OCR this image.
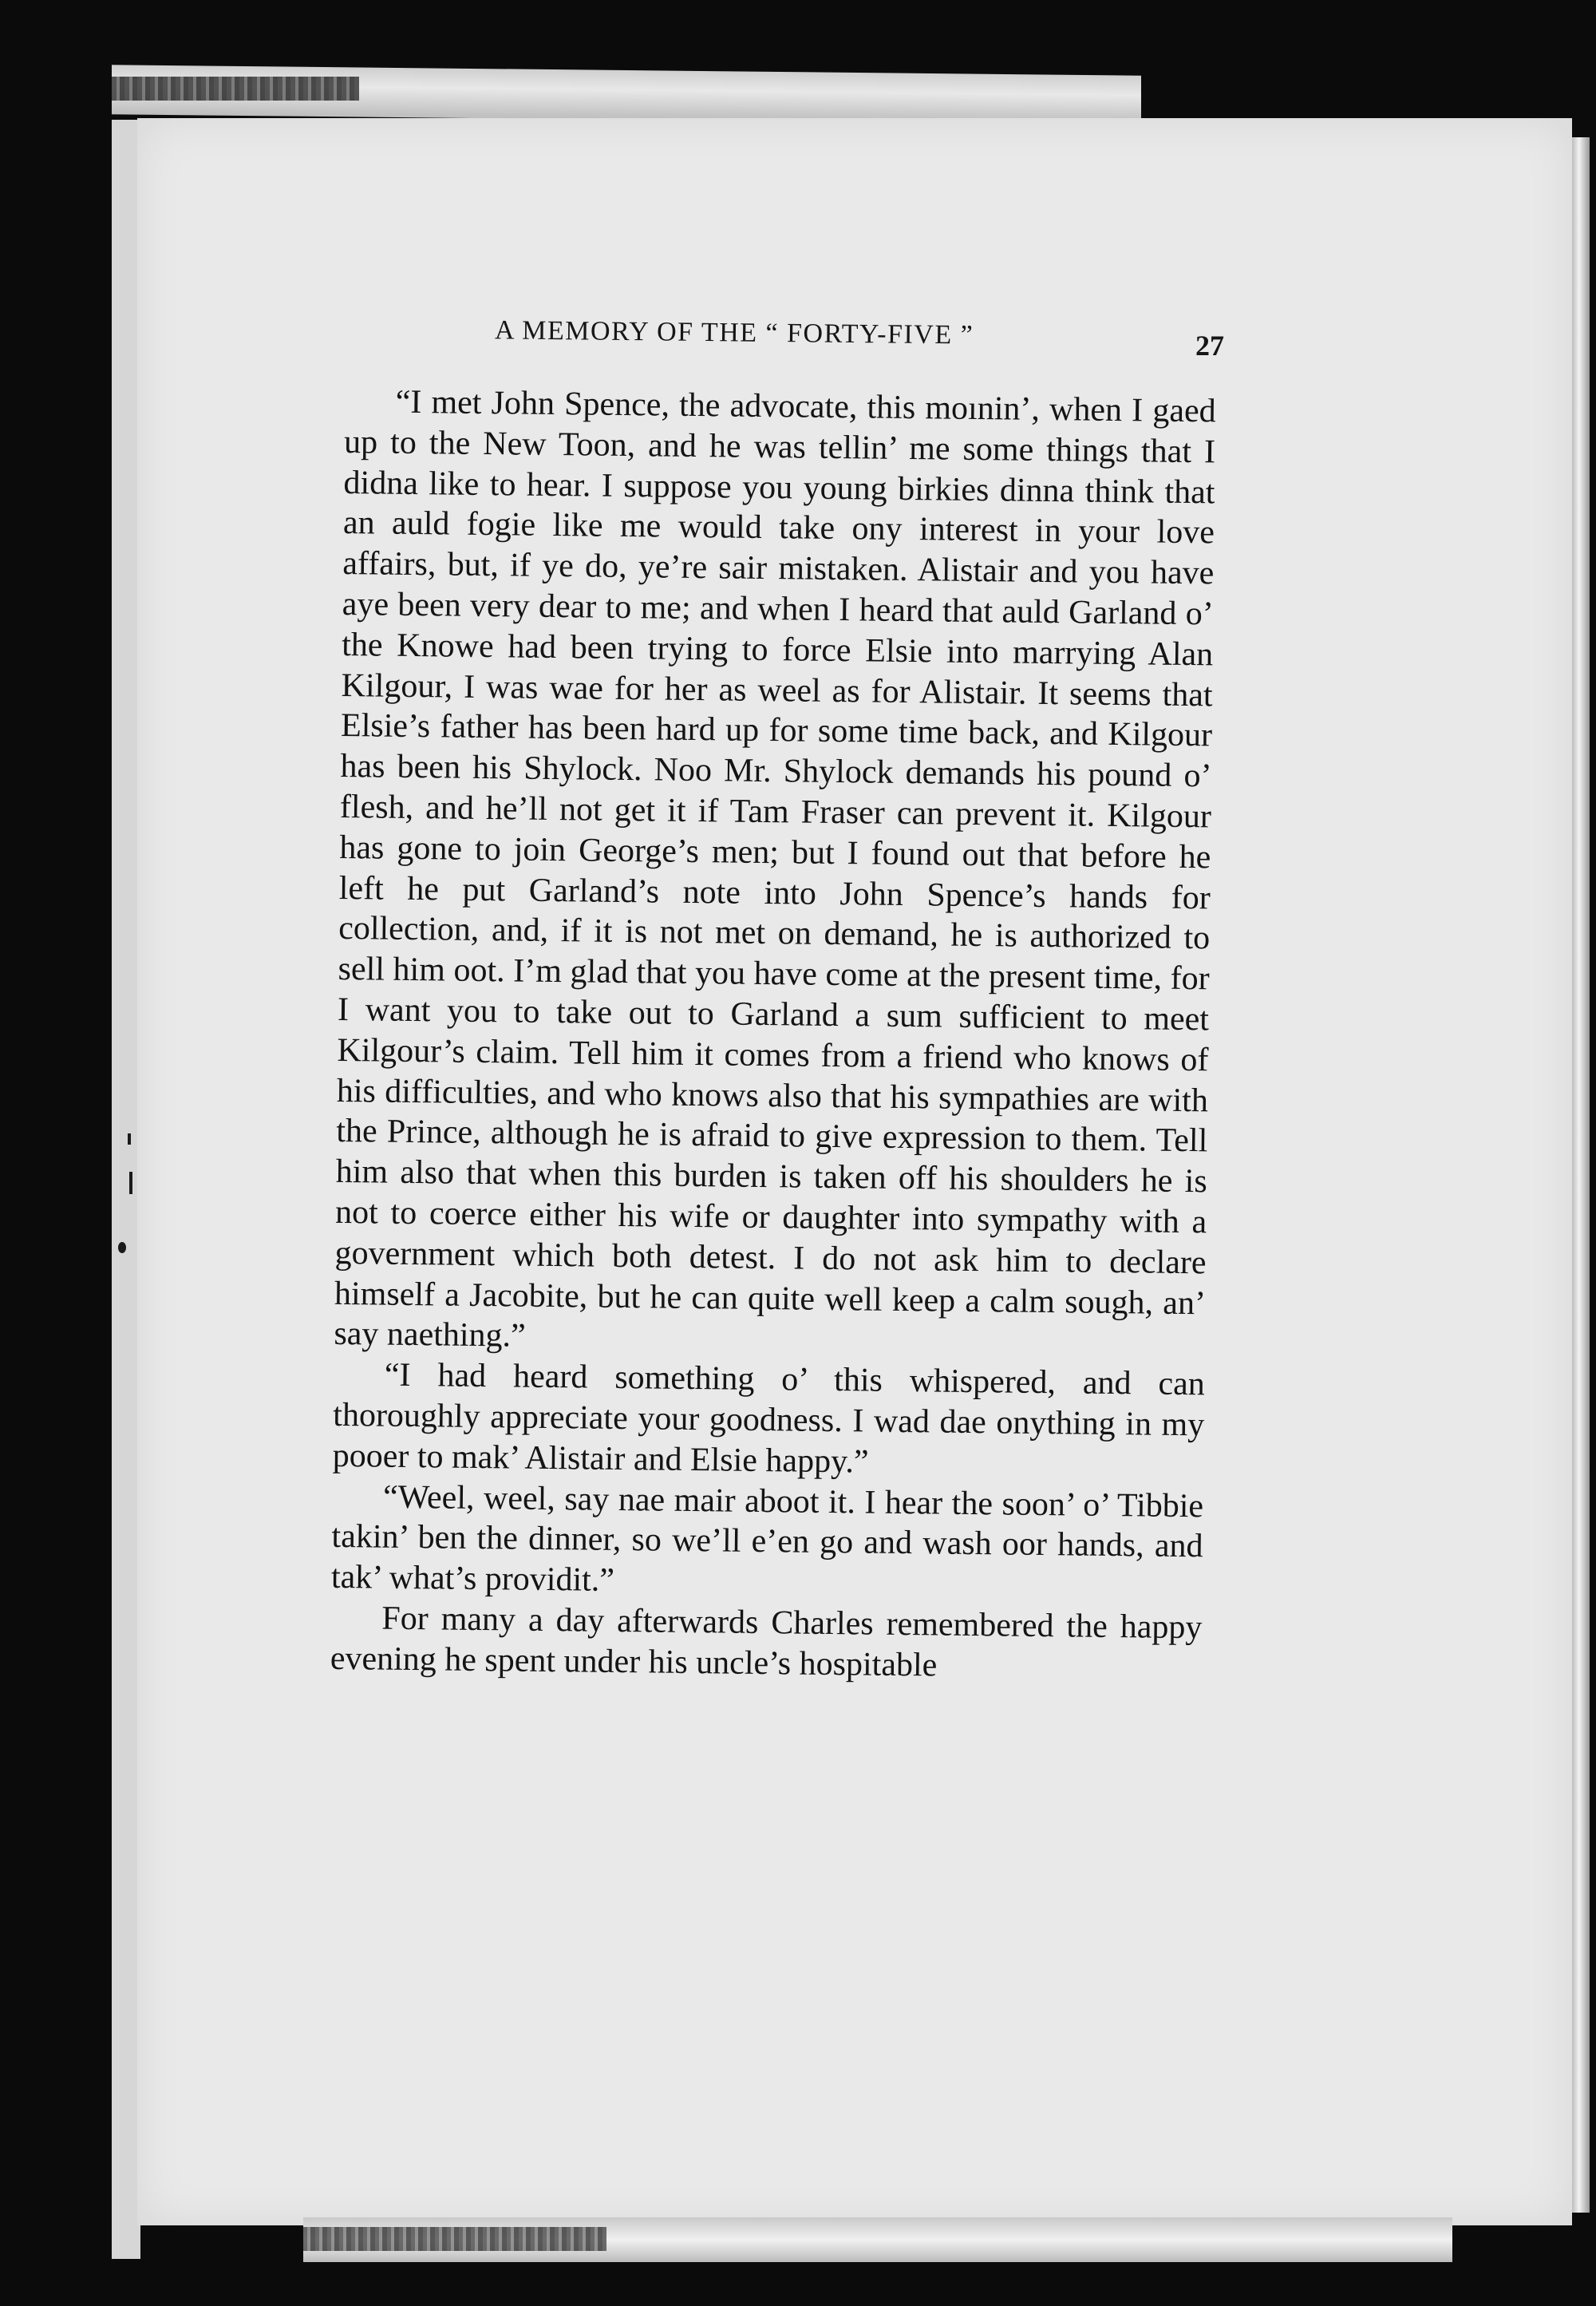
A MEMORY OF THE “ FORTY-FIVE ”	27

“I met John Spence, the advocate, this moınin’, when I gaed up to the New Toon, and he was tellin’ me some things that I didna like to hear. I suppose you young birkies dinna think that an auld fogie like me would take ony interest in your love affairs, but, if ye do, ye’re sair mistaken. Alistair and you have aye been very dear to me; and when I heard that auld Garland o’ the Knowe had been trying to force Elsie into marrying Alan Kilgour, I was wae for her as weel as for Alistair. It seems that Elsie’s father has been hard up for some time back, and Kilgour has been his Shylock. Noo Mr. Shylock demands his pound o’ flesh, and he’ll not get it if Tam Fraser can prevent it. Kilgour has gone to join George’s men; but I found out that before he left he put Garland’s note into John Spence’s hands for collection, and, if it is not met on demand, he is authorized to sell him oot. I’m glad that you have come at the present time, for I want you to take out to Garland a sum sufficient to meet Kilgour’s claim. Tell him it comes from a friend who knows of his difficulties, and who knows also that his sympathies are with the Prince, although he is afraid to give expression to them. Tell him also that when this burden is taken off his shoulders he is not to coerce either his wife or daughter into sympathy with a government which both detest. I do not ask him to declare himself a Jacobite, but he can quite well keep a calm sough, an’ say naething.”

“I had heard something o’ this whispered, and can thoroughly appreciate your goodness. I wad dae onything in my pooer to mak’ Alistair and Elsie happy.”

“Weel, weel, say nae mair aboot it. I hear the soon’ o’ Tibbie takin’ ben the dinner, so we’ll e’en go and wash oor hands, and tak’ what’s providit.”

For many a day afterwards Charles remembered the happy evening he spent under his uncle’s hospitable
